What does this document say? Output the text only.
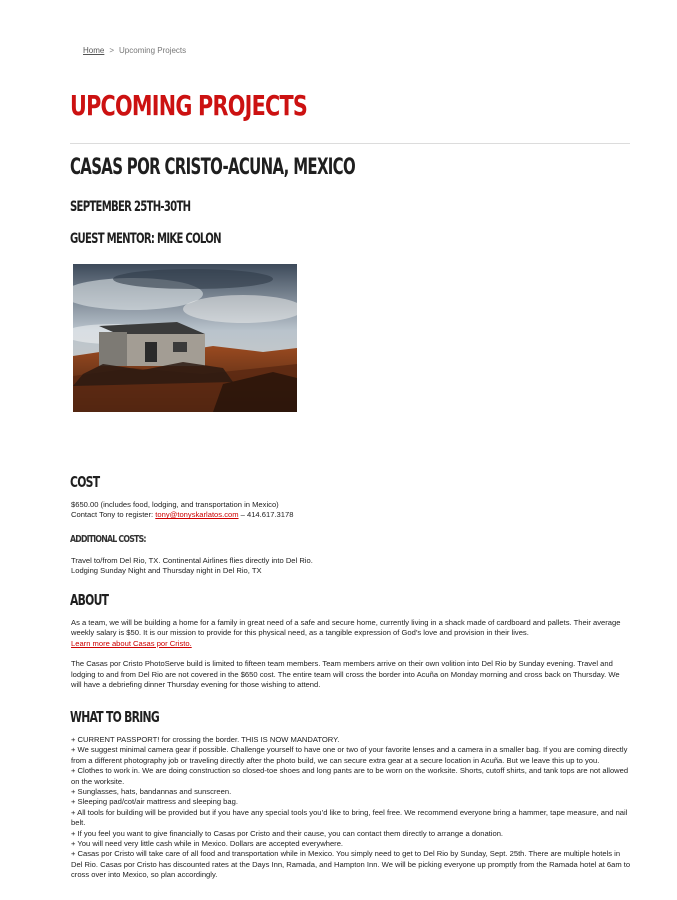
Home > Upcoming Projects
UPCOMING PROJECTS
CASAS POR CRISTO-ACUNA, MEXICO
SEPTEMBER 25TH-30TH
GUEST MENTOR: MIKE COLON
COST

$650.00 (includes food, lodging, and transportation in Mexico)

Contact Tony to register: tony@tonyskarlatos.com – 414.617.3178

ADDITIONAL COSTS:

Travel to/from Del Rio, TX. Continental Airlines flies directly into Del Rio.

Lodging Sunday Night and Thursday night in Del Rio, TX

ABOUT

As a team, we will be building a home for a family in great need of a safe and secure home, currently living in a shack made of cardboard and pallets. Their average weekly salary is $50. It is our mission to provide for this physical need, as a tangible expression of God’s love and provision in their lives.

Learn more about Casas por Cristo.

The Casas por Cristo PhotoServe build is limited to fifteen team members. Team members arrive on their own volition into Del Rio by Sunday evening. Travel and lodging to and from Del Rio are not covered in the $650 cost. The entire team will cross the border into Acuña on Monday morning and cross back on Thursday. We will have a debriefing dinner Thursday evening for those wishing to attend.

WHAT TO BRING

+ CURRENT PASSPORT! for crossing the border. THIS IS NOW MANDATORY.

+ We suggest minimal camera gear if possible. Challenge yourself to have one or two of your favorite lenses and a camera in a smaller bag. If you are coming directly from a different photography job or traveling directly after the photo build, we can secure extra gear at a secure location in Acuña. But we leave this up to you.

+ Clothes to work in. We are doing construction so closed-toe shoes and long pants are to be worn on the worksite. Shorts, cutoff shirts, and tank tops are not allowed on the worksite.

+ Sunglasses, hats, bandannas and sunscreen.

+ Sleeping pad/cot/air mattress and sleeping bag.

+ All tools for building will be provided but if you have any special tools you’d like to bring, feel free. We recommend everyone bring a hammer, tape measure, and nail belt.

+ If you feel you want to give financially to Casas por Cristo and their cause, you can contact them directly to arrange a donation.

+ You will need very little cash while in Mexico. Dollars are accepted everywhere.

+ Casas por Cristo will take care of all food and transportation while in Mexico. You simply need to get to Del Rio by Sunday, Sept. 25th. There are multiple hotels in Del Rio. Casas por Cristo has discounted rates at the Days Inn, Ramada, and Hampton Inn. We will be picking everyone up promptly from the Ramada hotel at 6am to cross over into Mexico, so plan accordingly.
